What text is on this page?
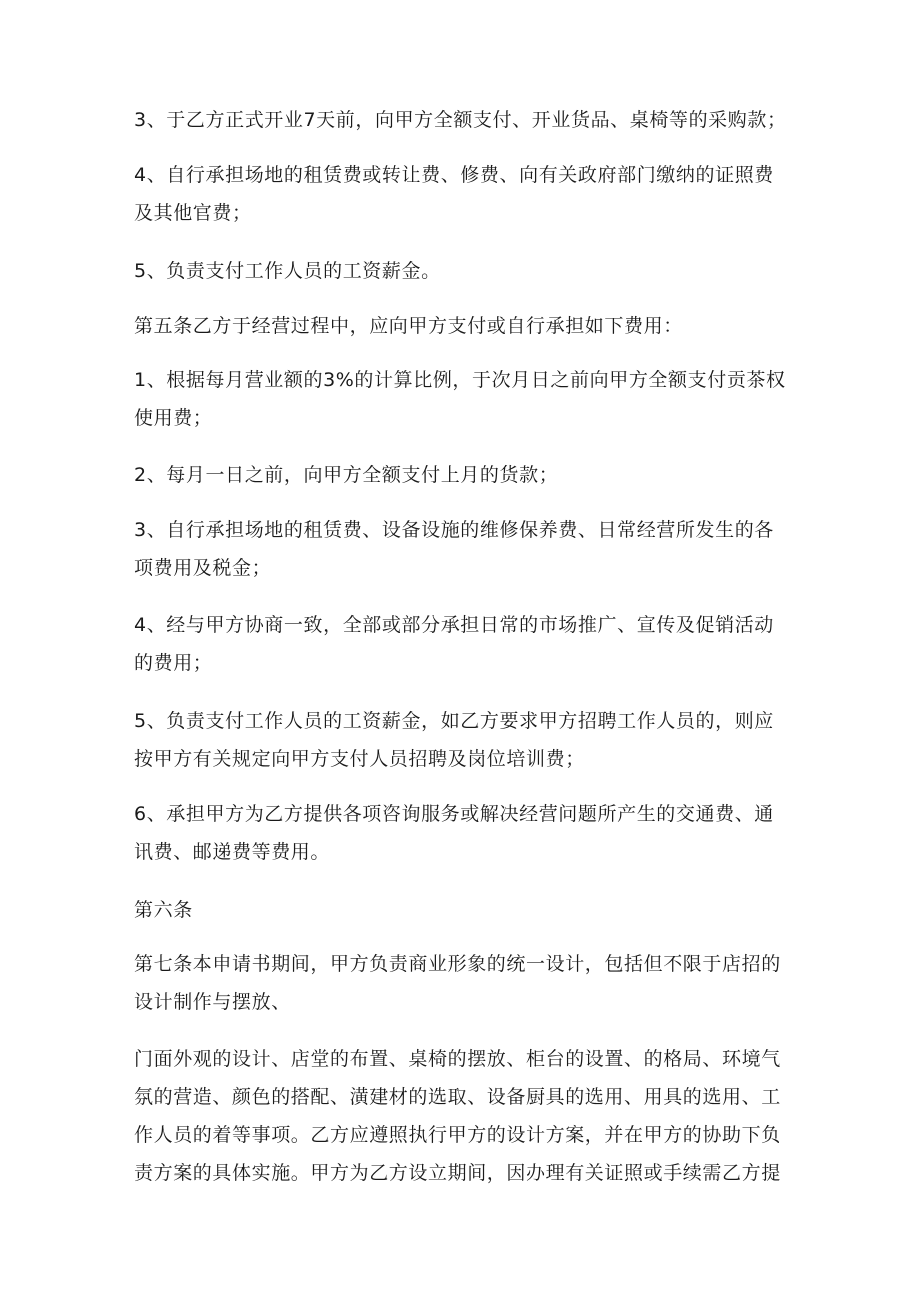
3、于乙方正式开业7天前，向甲方全额支付、开业货品、桌椅等的采购款；

4、自行承担场地的租赁费或转让费、修费、向有关政府部门缴纳的证照费
及其他官费；

5、负责支付工作人员的工资薪金。

第五条乙方于经营过程中，应向甲方支付或自行承担如下费用：

1、根据每月营业额的3%的计算比例，于次月日之前向甲方全额支付贡茶权
使用费；

2、每月一日之前，向甲方全额支付上月的货款；

3、自行承担场地的租赁费、设备设施的维修保养费、日常经营所发生的各
项费用及税金；

4、经与甲方协商一致，全部或部分承担日常的市场推广、宣传及促销活动
的费用；

5、负责支付工作人员的工资薪金，如乙方要求甲方招聘工作人员的，则应
按甲方有关规定向甲方支付人员招聘及岗位培训费；

6、承担甲方为乙方提供各项咨询服务或解决经营问题所产生的交通费、通
讯费、邮递费等费用。

第六条

第七条本申请书期间，甲方负责商业形象的统一设计，包括但不限于店招的
设计制作与摆放、

门面外观的设计、店堂的布置、桌椅的摆放、柜台的设置、的格局、环境气
氛的营造、颜色的搭配、潢建材的选取、设备厨具的选用、用具的选用、工
作人员的着等事项。乙方应遵照执行甲方的设计方案，并在甲方的协助下负
责方案的具体实施。甲方为乙方设立期间，因办理有关证照或手续需乙方提
